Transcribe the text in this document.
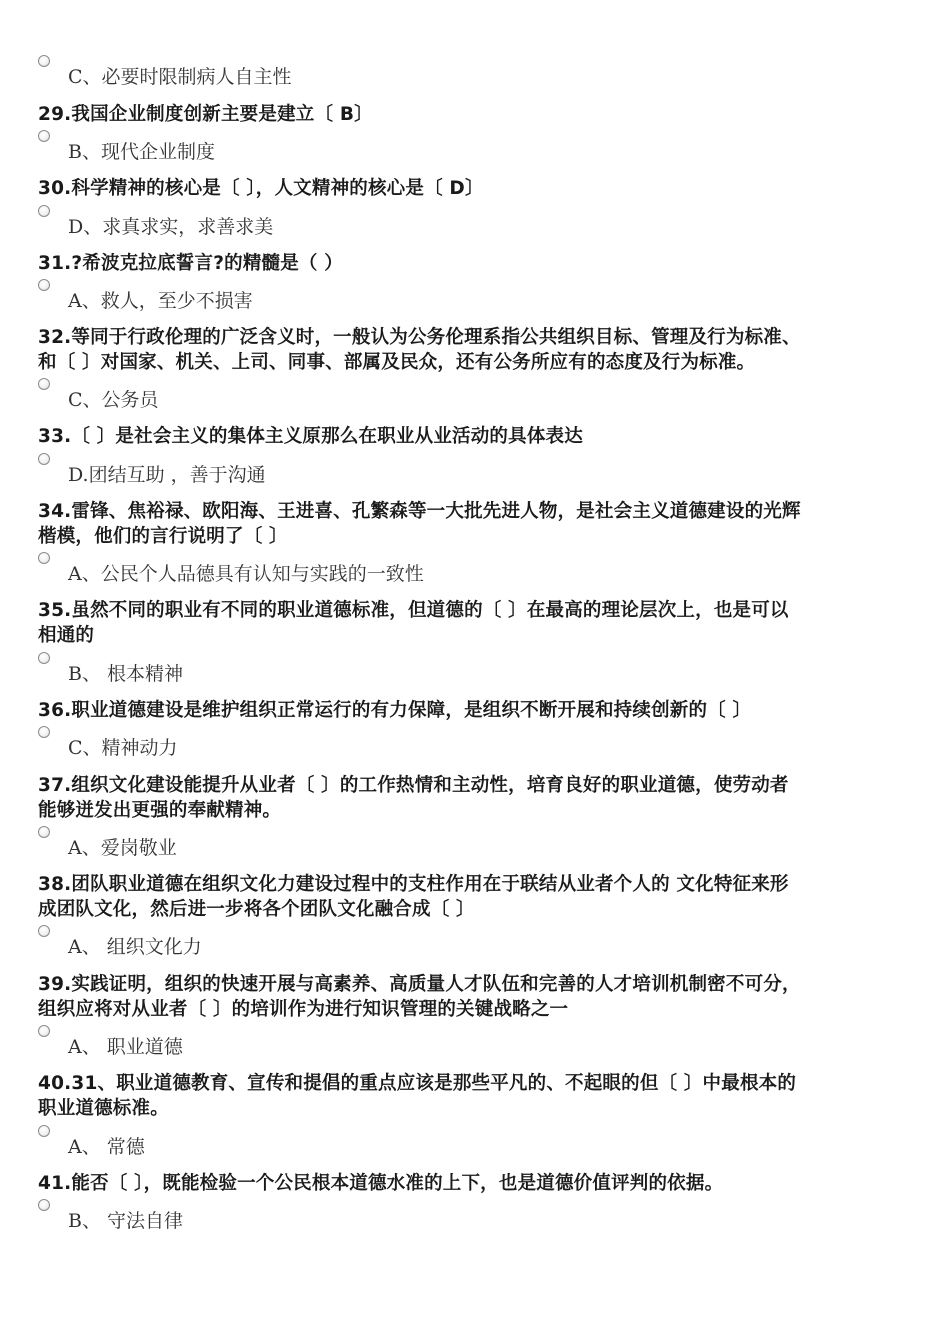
C、必要时限制病人自主性
29.我国企业制度创新主要是建立〔 B〕
B、现代企业制度
30.科学精神的核心是〔 〕，人文精神的核心是〔 D〕
D、求真求实，求善求美
31.?希波克拉底誓言?的精髓是（ ）
A、救人，至少不损害
32.等同于行政伦理的广泛含义时，一般认为公务伦理系指公共组织目标、管理及行为标准、
和〔 〕对国家、机关、上司、同事、部属及民众，还有公务所应有的态度及行为标准。
C、公务员
33.〔 〕是社会主义的集体主义原那么在职业从业活动的具体表达
D.团结互助 ，善于沟通
34.雷锋、焦裕禄、欧阳海、王进喜、孔繁森等一大批先进人物，是社会主义道德建设的光辉
楷模，他们的言行说明了〔 〕
A、公民个人品德具有认知与实践的一致性
35.虽然不同的职业有不同的职业道德标准，但道德的〔 〕在最高的理论层次上，也是可以
相通的
B、 根本精神
36.职业道德建设是维护组织正常运行的有力保障，是组织不断开展和持续创新的〔 〕
C、精神动力
37.组织文化建设能提升从业者〔 〕的工作热情和主动性，培育良好的职业道德，使劳动者
能够迸发出更强的奉献精神。
A、爱岗敬业
38.团队职业道德在组织文化力建设过程中的支柱作用在于联结从业者个人的 文化特征来形
成团队文化，然后进一步将各个团队文化融合成〔 〕
A、 组织文化力
39.实践证明，组织的快速开展与高素养、高质量人才队伍和完善的人才培训机制密不可分，
组织应将对从业者〔 〕的培训作为进行知识管理的关键战略之一
A、 职业道德
40.31、职业道德教育、宣传和提倡的重点应该是那些平凡的、不起眼的但〔 〕中最根本的
职业道德标准。
A、 常德
41.能否〔 〕，既能检验一个公民根本道德水准的上下，也是道德价值评判的依据。
B、 守法自律
